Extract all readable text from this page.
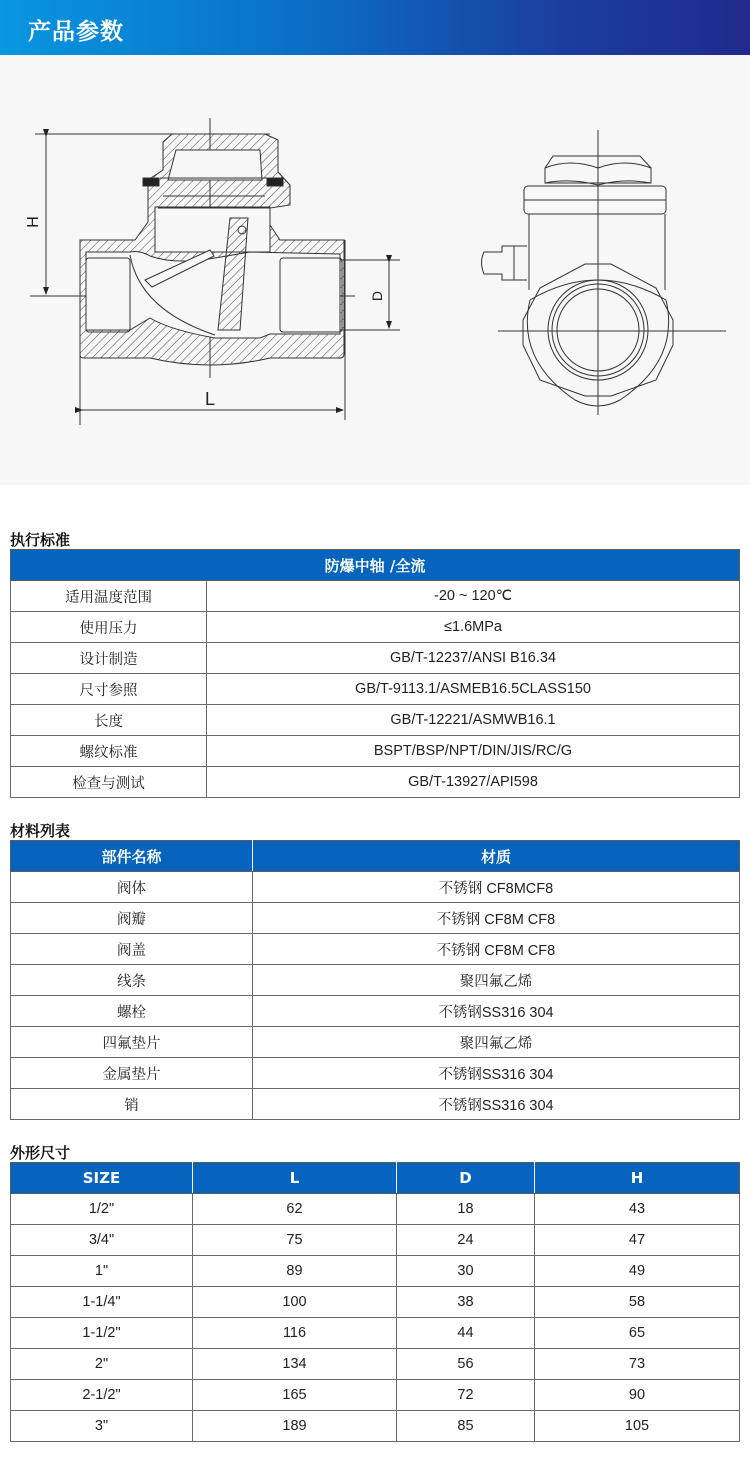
产品参数
H
L
D
执行标准
防爆中轴 /全流	
适用温度范围	-20 ~ 120℃
使用压力	≤1.6MPa
设计制造	GB/T-12237/ANSI B16.34
尺寸参照	GB/T-9113.1/ASMEB16.5CLASS150
长度	GB/T-12221/ASMWB16.1
螺纹标准	BSPT/BSP/NPT/DIN/JIS/RC/G
检查与测试	GB/T-13927/API598
材料列表
部件名称	材质
阀体	不锈钢 CF8MCF8
阀瓣	不锈钢 CF8M CF8
阀盖	不锈钢 CF8M CF8
线条	聚四氟乙烯
螺栓	不锈钢SS316 304
四氟垫片	聚四氟乙烯
金属垫片	不锈钢SS316 304
销	不锈钢SS316 304
外形尺寸
SIZE	L	D	H
1/2"	62	18	43
3/4"	75	24	47
1"	89	30	49
1-1/4"	100	38	58
1-1/2"	116	44	65
2"	134	56	73
2-1/2"	165	72	90
3"	189	85	105
